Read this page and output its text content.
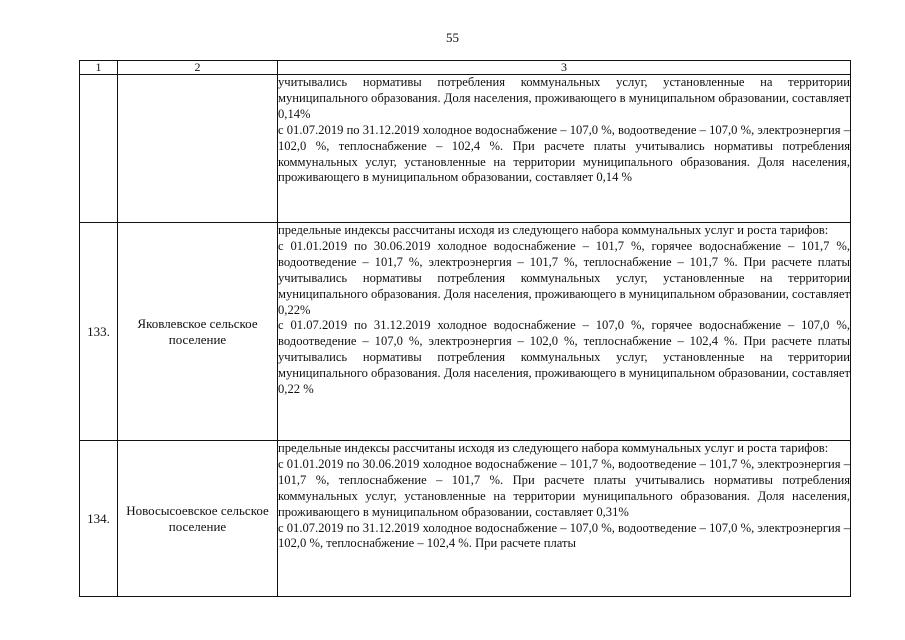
55
1	2	3

		учитывались нормативы потребления коммунальных услуг, установленные на территории муниципального образования. Доля населения, проживающего в муниципальном образовании, составляет 0,14%

с 01.07.2019 по 31.12.2019 холодное водоснабжение – 107,0 %, водоотведение – 107,0 %, электроэнергия – 102,0 %, теплоснабжение – 102,4 %. При расчете платы учитывались нормативы потребления коммунальных услуг, установленные на территории муниципального образования. Доля населения, проживающего в муниципальном образовании, составляет 0,14 %

133.	Яковлевское сельское поселение	предельные индексы рассчитаны исходя из следующего набора коммунальных услуг и роста тарифов:

с 01.01.2019 по 30.06.2019 холодное водоснабжение – 101,7 %, горячее водоснабжение – 101,7 %, водоотведение – 101,7 %, электроэнергия – 101,7 %, теплоснабжение – 101,7 %. При расчете платы учитывались нормативы потребления коммунальных услуг, установленные на территории муниципального образования. Доля населения, проживающего в муниципальном образовании, составляет 0,22%

с 01.07.2019 по 31.12.2019 холодное водоснабжение – 107,0 %, горячее водоснабжение – 107,0 %, водоотведение – 107,0 %, электроэнергия – 102,0 %, теплоснабжение – 102,4 %. При расчете платы учитывались нормативы потребления коммунальных услуг, установленные на территории муниципального образования. Доля населения, проживающего в муниципальном образовании, составляет 0,22 %

134.	Новосысоевское сельское поселение	предельные индексы рассчитаны исходя из следующего набора коммунальных услуг и роста тарифов:

с 01.01.2019 по 30.06.2019 холодное водоснабжение – 101,7 %, водоотведение – 101,7 %, электроэнергия – 101,7 %, теплоснабжение – 101,7 %. При расчете платы учитывались нормативы потребления коммунальных услуг, установленные на территории муниципального образования. Доля населения, проживающего в муниципальном образовании, составляет 0,31%

с 01.07.2019 по 31.12.2019 холодное водоснабжение – 107,0 %, водоотведение – 107,0 %, электроэнергия – 102,0 %, теплоснабжение – 102,4 %. При расчете платы
